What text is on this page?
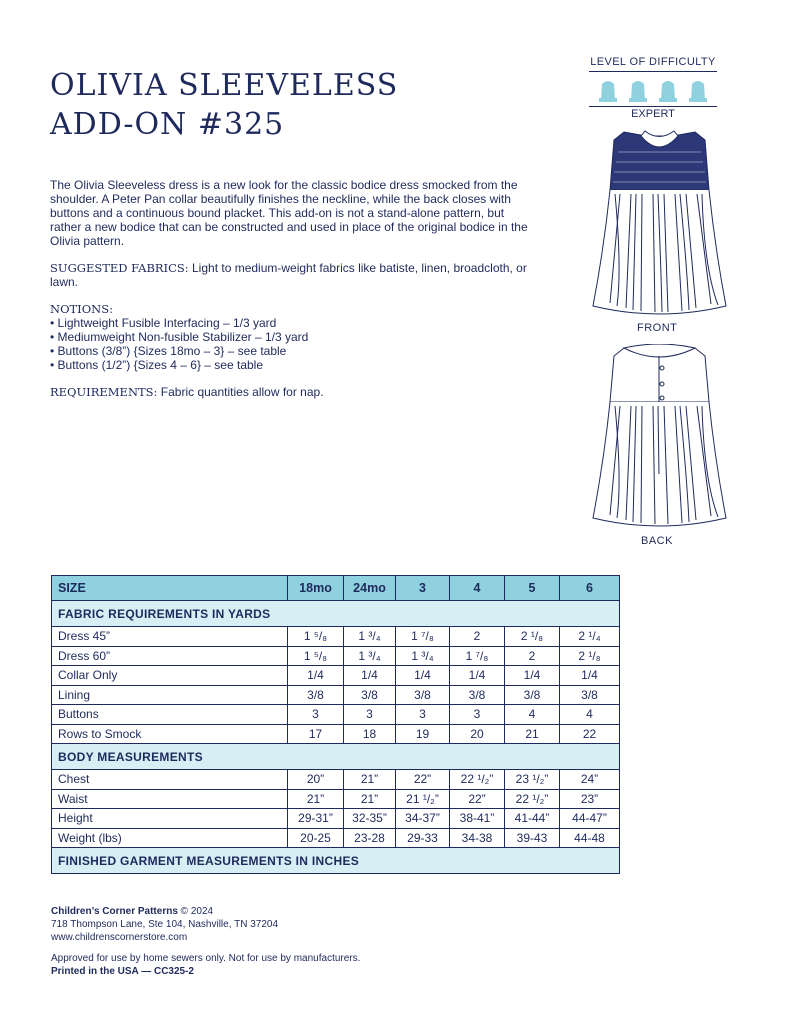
OLIVIA SLEEVELESS
ADD-ON #325

The Olivia Sleeveless dress is a new look for the classic bodice dress smocked from the shoulder. A Peter Pan collar beautifully finishes the neckline, while the back closes with buttons and a continuous bound placket. This add-on is not a stand-alone pattern, but rather a new bodice that can be constructed and used in place of the original bodice in the Olivia pattern.

SUGGESTED FABRICS: Light to medium-weight fabrics like batiste, linen, broadcloth, or lawn.

NOTIONS:
• Lightweight Fusible Interfacing – 1/3 yard
• Mediumweight Non-fusible Stabilizer – 1/3 yard
• Buttons (3/8”) {Sizes 18mo – 3} – see table
• Buttons (1/2”) {Sizes 4 – 6} – see table

REQUIREMENTS: Fabric quantities allow for nap.

LEVEL OF DIFFICULTY
EXPERT
FRONT
BACK
SIZE	18mo	24mo	3	4	5	6
FABRIC REQUIREMENTS IN YARDS						
Dress 45”	1 ⁵/₈	1 ³/₄	1 ⁷/₈	2	2 ¹/₈	2 ¹/₄
Dress 60”	1 ⁵/₈	1 ³/₄	1 ³/₄	1 ⁷/₈	2	2 ¹/₈
Collar Only	1/4	1/4	1/4	1/4	1/4	1/4
Lining	3/8	3/8	3/8	3/8	3/8	3/8
Buttons	3	3	3	3	4	4
Rows to Smock	17	18	19	20	21	22
BODY MEASUREMENTS						
Chest	20”	21”	22”	22 ¹/₂”	23 ¹/₂”	24”
Waist	21”	21”	21 ¹/₂”	22”	22 ¹/₂”	23”
Height	29-31”	32-35”	34-37”	38-41”	41-44”	44-47”
Weight (lbs)	20-25	23-28	29-33	34-38	39-43	44-48
FINISHED GARMENT MEASUREMENTS IN INCHES						

Children’s Corner Patterns © 2024

718 Thompson Lane, Ste 104, Nashville, TN 37204

www.childrenscornerstore.com

Approved for use by home sewers only. Not for use by manufacturers.

Printed in the USA — CC325-2
